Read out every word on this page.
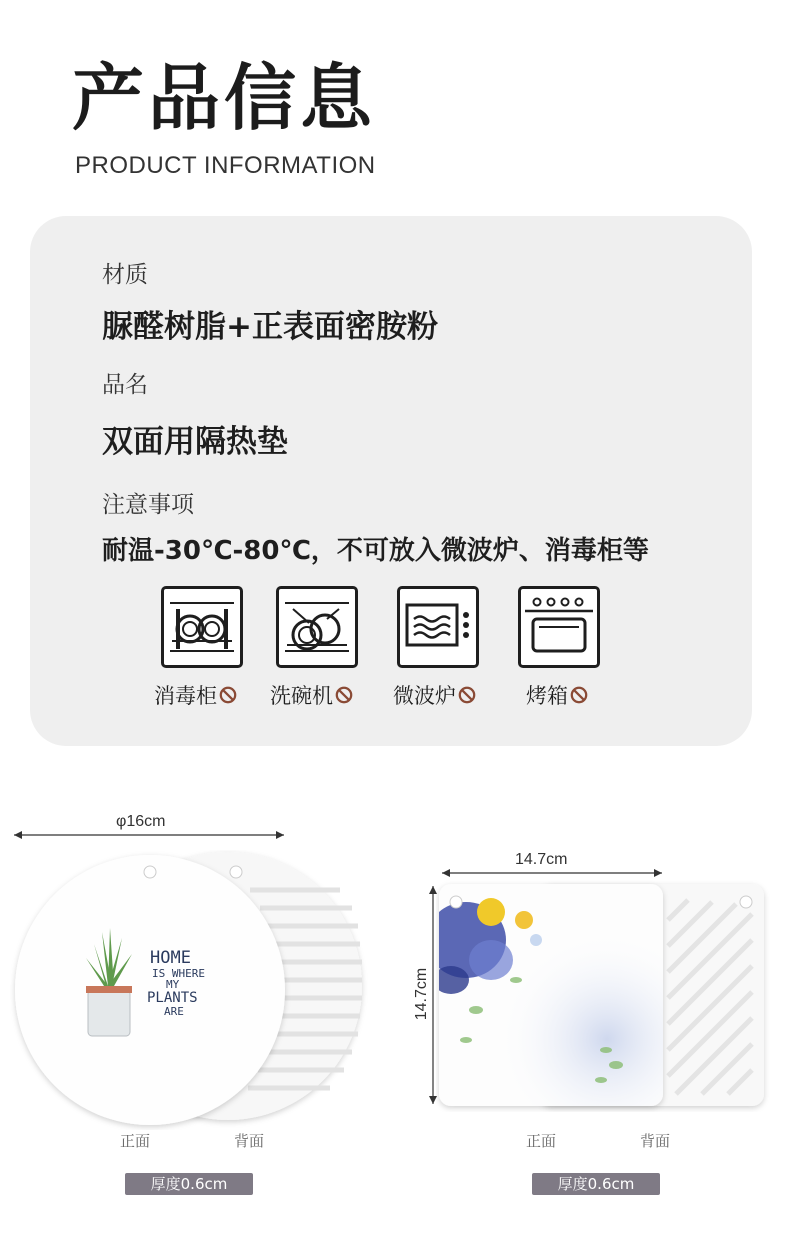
产品信息
PRODUCT INFORMATION
材质
脲醛树脂+正表面密胺粉
品名
双面用隔热垫
注意事项
耐温-30℃-80℃，不可放入微波炉、消毒柜等
消毒柜	洗碗机	微波炉	烤箱
φ16cm
HOME
IS WHERE
MY
PLANTS
ARE
正面	背面
厚度0.6cm
14.7cm
14.7cm
正面	背面
厚度0.6cm
